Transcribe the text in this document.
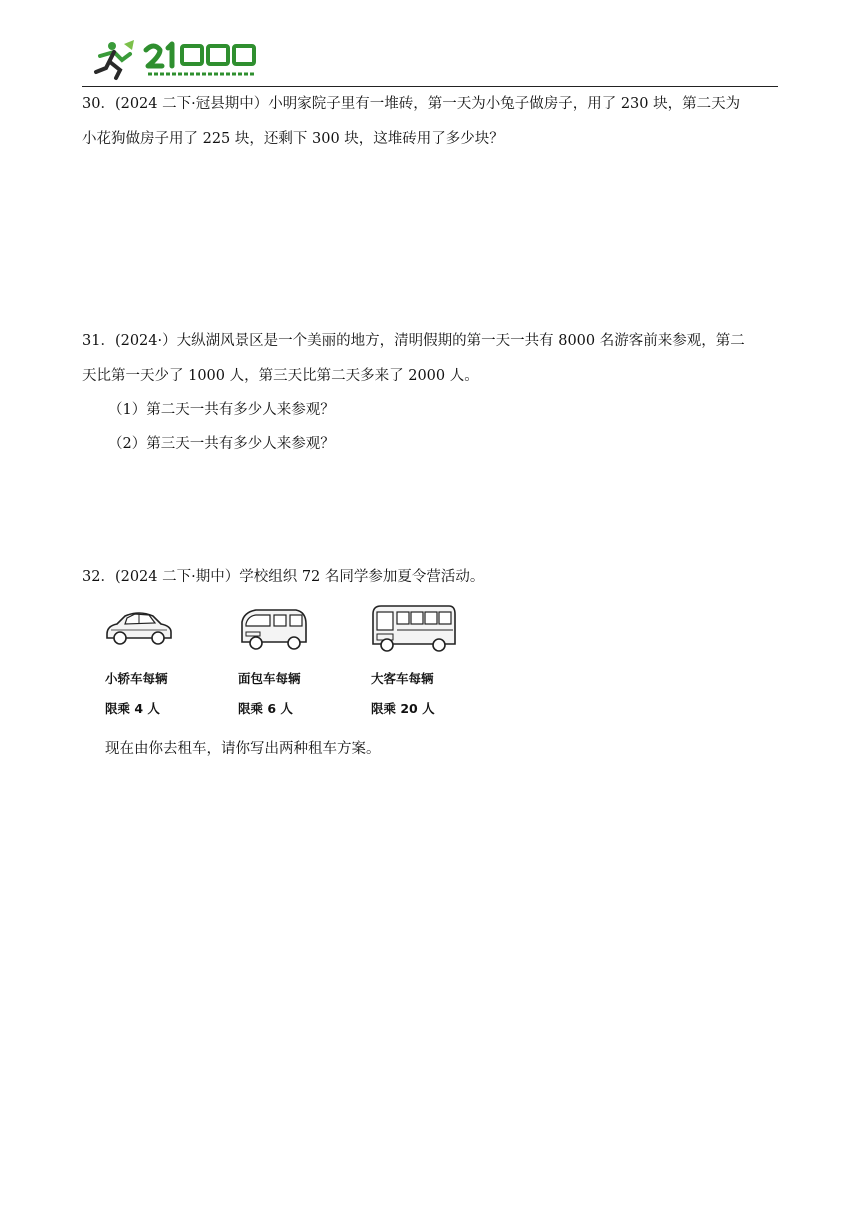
30．(2024 二下·冠县期中）小明家院子里有一堆砖，第一天为小兔子做房子，用了 230 块，第二天为
小花狗做房子用了 225 块，还剩下 300 块，这堆砖用了多少块？
31．(2024·）大纵湖风景区是一个美丽的地方，清明假期的第一天一共有 8000 名游客前来参观，第二
天比第一天少了 1000 人，第三天比第二天多来了 2000 人。
（1）第二天一共有多少人来参观？
（2）第三天一共有多少人来参观？
32．(2024 二下·期中）学校组织 72 名同学参加夏令营活动。
小轿车每辆
限乘 4 人
面包车每辆
限乘 6 人
大客车每辆
限乘 20 人
现在由你去租车，请你写出两种租车方案。
